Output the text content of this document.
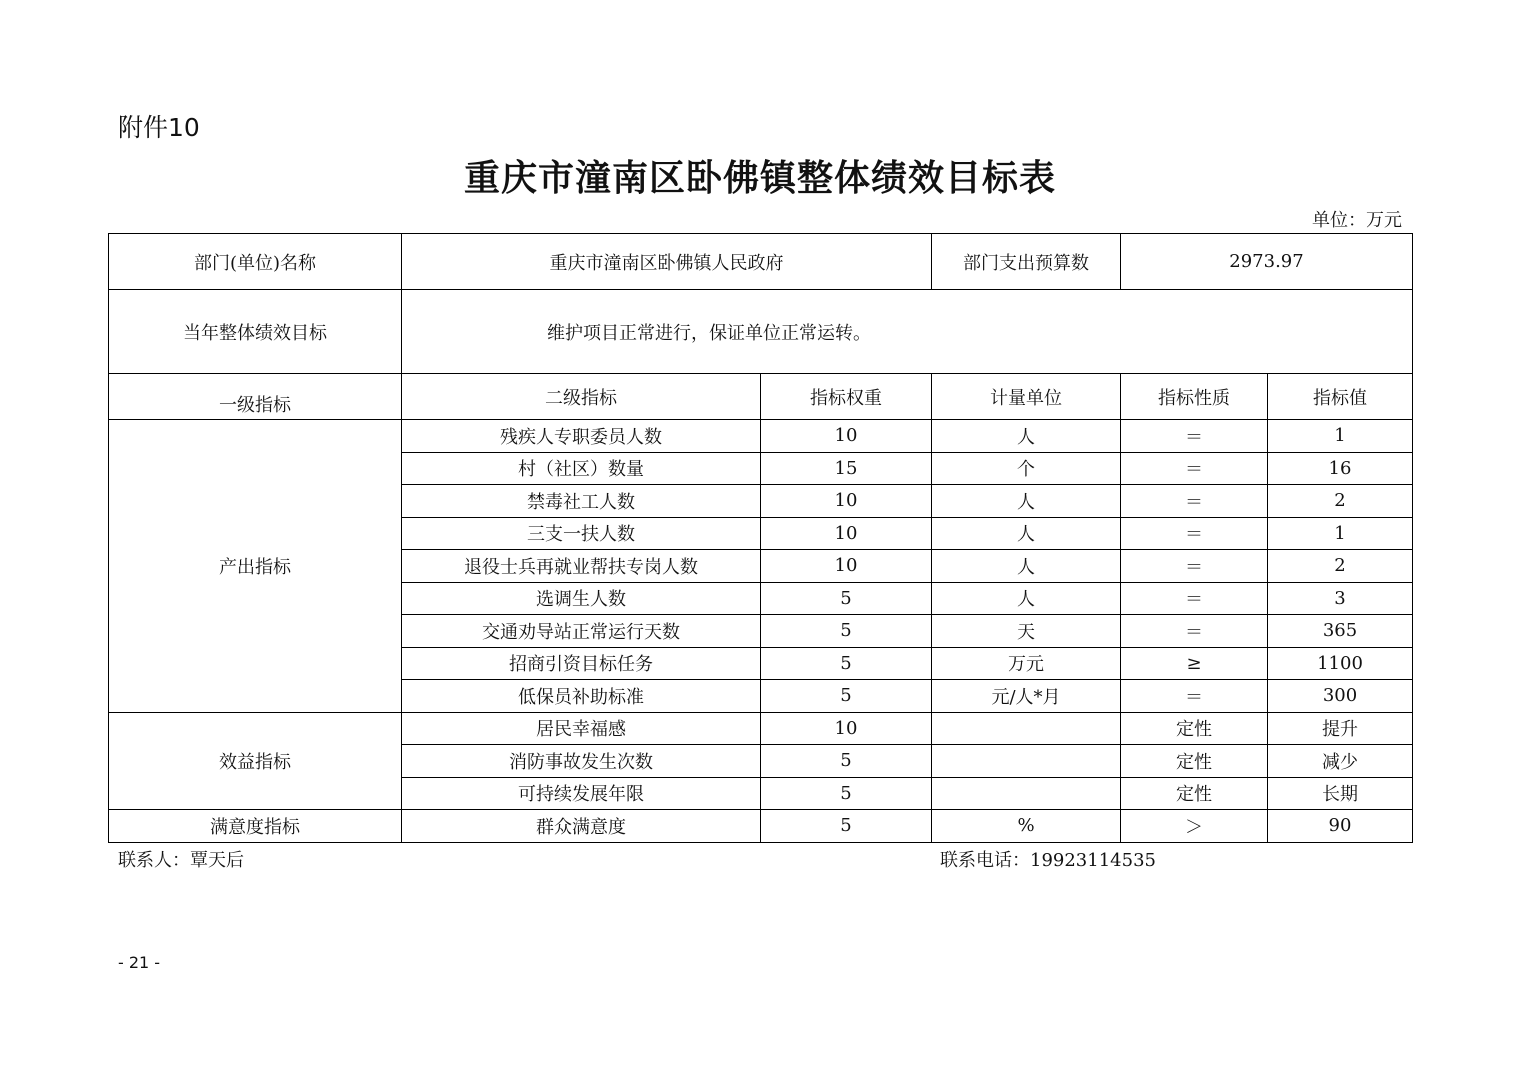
附件10
重庆市潼南区卧佛镇整体绩效目标表
单位：万元
部门(单位)名称	重庆市潼南区卧佛镇人民政府		部门支出预算数	2973.97	
当年整体绩效目标	维护项目正常进行，保证单位正常运转。				
一级指标	二级指标	指标权重	计量单位	指标性质	指标值
产出指标	残疾人专职委员人数	10	人	＝	1
	村（社区）数量	15	个	＝	16
	禁毒社工人数	10	人	＝	2
	三支一扶人数	10	人	＝	1
	退役士兵再就业帮扶专岗人数	10	人	＝	2
	选调生人数	5	人	＝	3
	交通劝导站正常运行天数	5	天	＝	365
	招商引资目标任务	5	万元	≥	1100
	低保员补助标准	5	元/人*月	＝	300
效益指标	居民幸福感	10		定性	提升
	消防事故发生次数	5		定性	减少
	可持续发展年限	5		定性	长期
满意度指标	群众满意度	5	%	＞	90
联系人：覃天后	联系电话：19923114535
- 21 -
